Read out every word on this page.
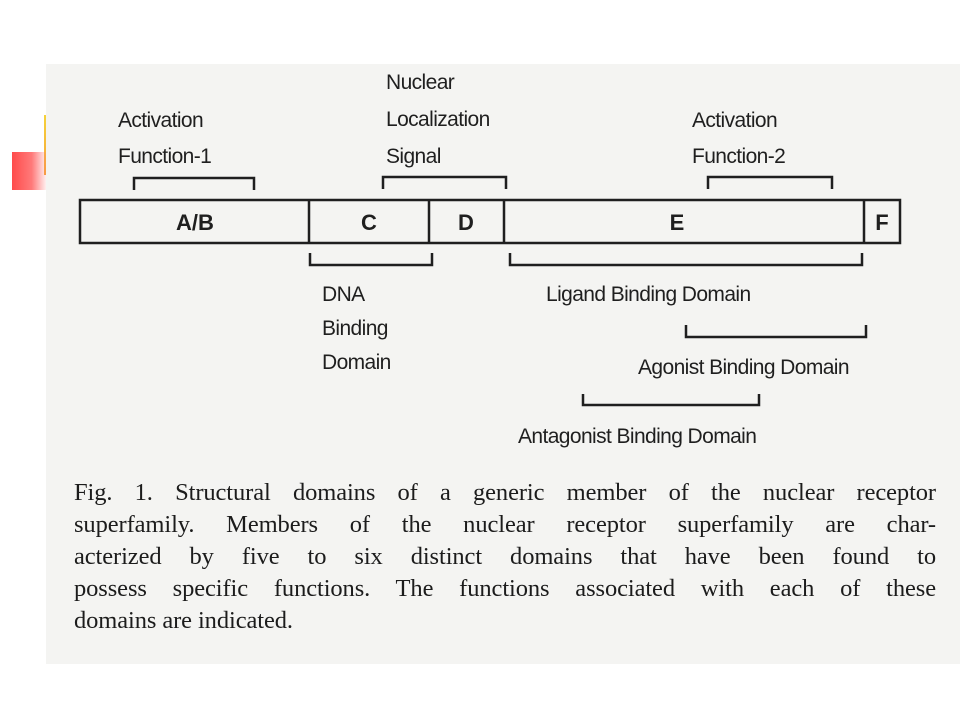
A/B	C	D	E	F
Activation
Function-1
Nuclear
Localization
Signal
Activation
Function-2
DNA
Binding
Domain
Ligand Binding Domain
Agonist Binding Domain
Antagonist Binding Domain
Fig. 1. Structural domains of a generic member of the nuclear receptor
superfamily. Members of the nuclear receptor superfamily are char-
acterized by five to six distinct domains that have been found to
possess specific functions. The functions associated with each of these
domains are indicated.
